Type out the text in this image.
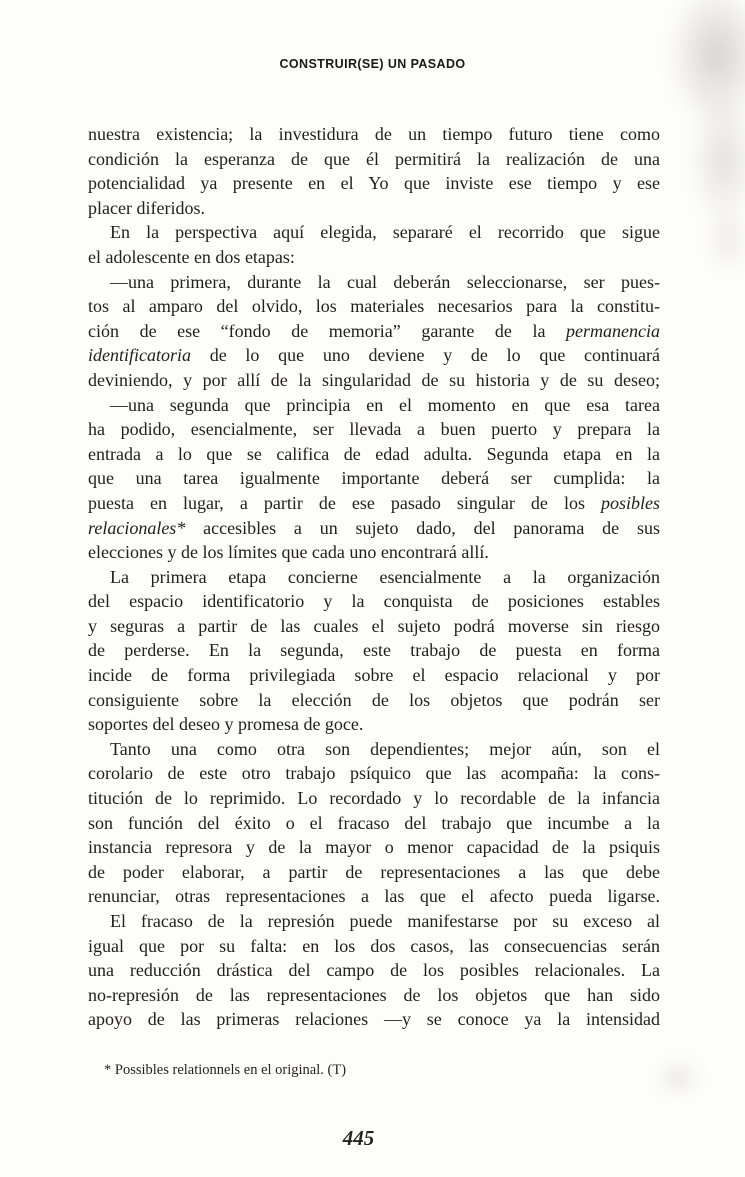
CONSTRUIR(SE) UN PASADO
nuestra existencia; la investidura de un tiempo futuro tiene como
condición la esperanza de que él permitirá la realización de una
potencialidad ya presente en el Yo que inviste ese tiempo y ese
placer diferidos.
En la perspectiva aquí elegida, separaré el recorrido que sigue
el adolescente en dos etapas:
—una primera, durante la cual deberán seleccionarse, ser pues-
tos al amparo del olvido, los materiales necesarios para la constitu-
ción de ese “fondo de memoria” garante de la permanencia
identificatoria de lo que uno deviene y de lo que continuará
deviniendo, y por allí de la singularidad de su historia y de su deseo;
—una segunda que principia en el momento en que esa tarea
ha podido, esencialmente, ser llevada a buen puerto y prepara la
entrada a lo que se califica de edad adulta. Segunda etapa en la
que una tarea igualmente importante deberá ser cumplida: la
puesta en lugar, a partir de ese pasado singular de los posibles
relacionales* accesibles a un sujeto dado, del panorama de sus
elecciones y de los límites que cada uno encontrará allí.
La primera etapa concierne esencialmente a la organización
del espacio identificatorio y la conquista de posiciones estables
y seguras a partir de las cuales el sujeto podrá moverse sin riesgo
de perderse. En la segunda, este trabajo de puesta en forma
incide de forma privilegiada sobre el espacio relacional y por
consiguiente sobre la elección de los objetos que podrán ser
soportes del deseo y promesa de goce.
Tanto una como otra son dependientes; mejor aún, son el
corolario de este otro trabajo psíquico que las acompaña: la cons-
titución de lo reprimido. Lo recordado y lo recordable de la infancia
son función del éxito o el fracaso del trabajo que incumbe a la
instancia represora y de la mayor o menor capacidad de la psiquis
de poder elaborar, a partir de representaciones a las que debe
renunciar, otras representaciones a las que el afecto pueda ligarse.
El fracaso de la represión puede manifestarse por su exceso al
igual que por su falta: en los dos casos, las consecuencias serán
una reducción drástica del campo de los posibles relacionales. La
no-represión de las representaciones de los objetos que han sido
apoyo de las primeras relaciones —y se conoce ya la intensidad
* Possibles relationnels en el original. (T)
445
